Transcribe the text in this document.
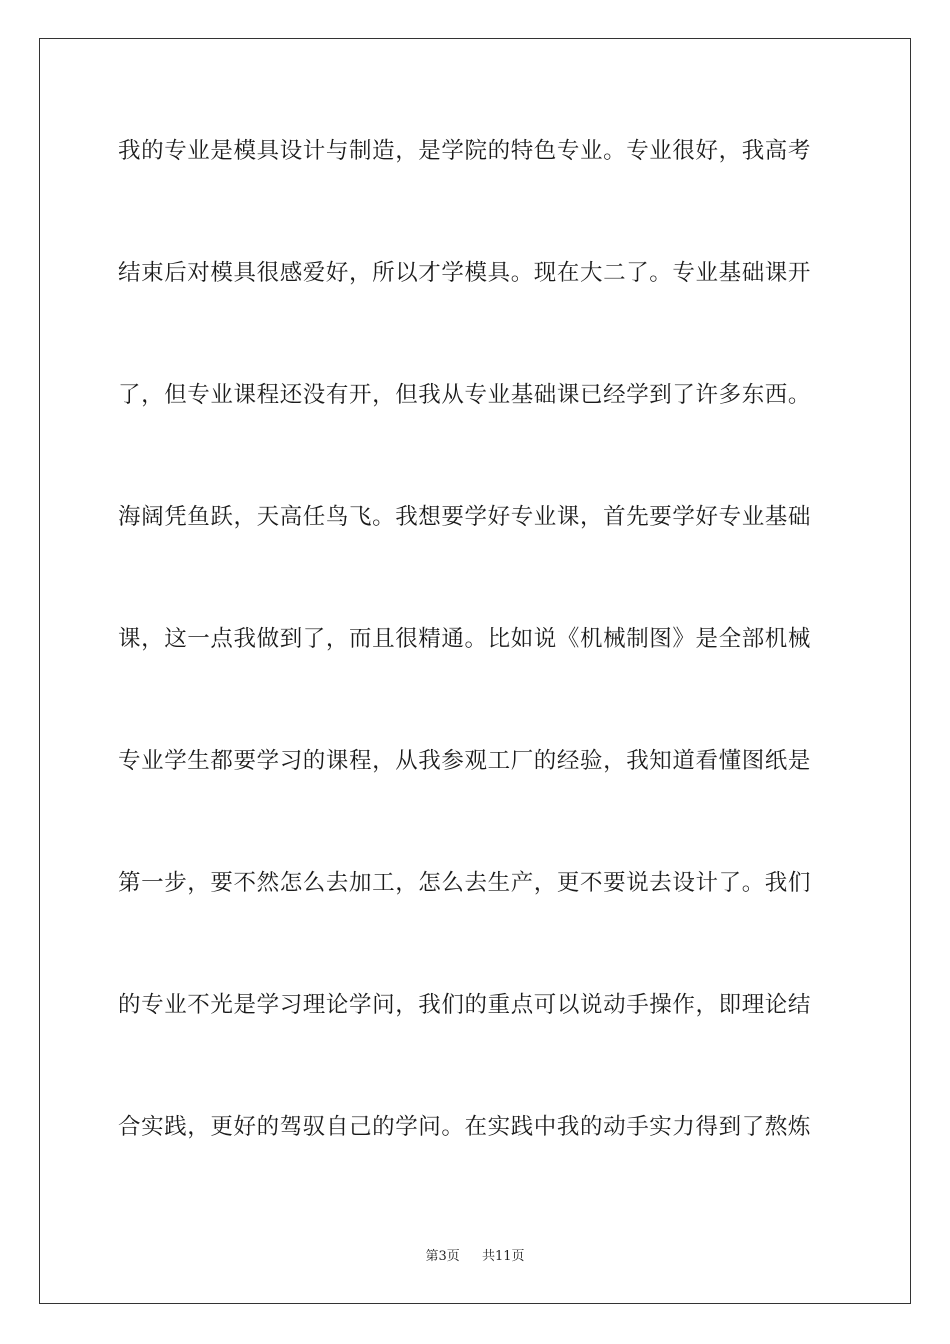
我的专业是模具设计与制造，是学院的特色专业。专业很好，我高考
结束后对模具很感爱好，所以才学模具。现在大二了。专业基础课开
了，但专业课程还没有开，但我从专业基础课已经学到了许多东西。
海阔凭鱼跃，天高任鸟飞。我想要学好专业课，首先要学好专业基础
课，这一点我做到了，而且很精通。比如说《机械制图》是全部机械
专业学生都要学习的课程，从我参观工厂的经验，我知道看懂图纸是
第一步，要不然怎么去加工，怎么去生产，更不要说去设计了。我们
的专业不光是学习理论学问，我们的重点可以说动手操作，即理论结
合实践，更好的驾驭自己的学问。在实践中我的动手实力得到了熬炼
第3页 共11页
